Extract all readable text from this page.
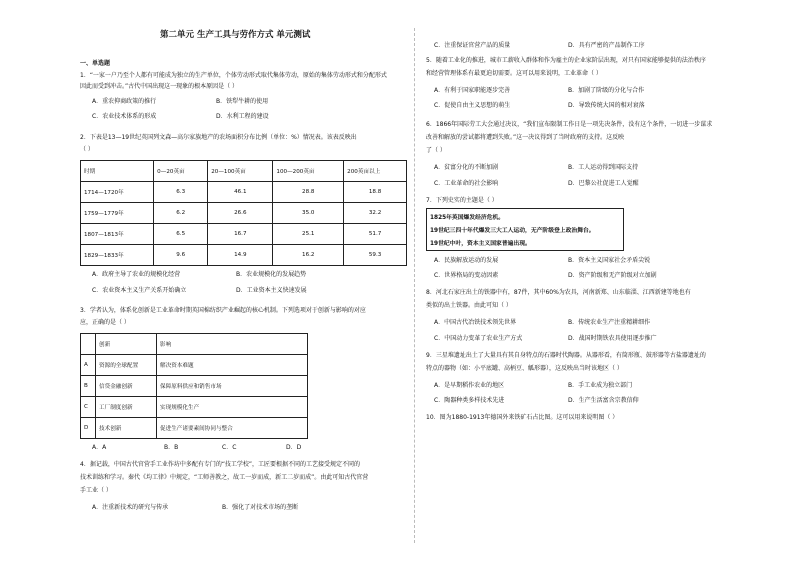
第二单元 生产工具与劳作方式 单元测试
一、单选题
1．“一家一户乃至个人都有可能成为独立的生产单位，个体劳动形式取代集体劳动，原始的集体劳动形式和分配形式
因此而受到冲击。”古代中国出现这一现象的根本原因是（ ）
A．重农抑商政策的推行	B．铁犁牛耕的使用
C．农业技术体系的形成	D．水利工程的建设
2．下表是13—19世纪英国列文森—高尔家族地产的农场面积分布比例（单位：%）情况表。该表反映出
（ ）
时期	0—20英亩	20—100英亩	100—200英亩	200英亩以上
1714—1720年	6.3	46.1	28.8	18.8
1759—1779年	6.2	26.6	35.0	32.2
1807—1813年	6.5	16.7	25.1	51.7
1829—1833年	9.6	14.9	16.2	59.3
A．政府主导了农业的规模化经营	B．农业规模化的发展趋势
C．农业资本主义生产关系开始确立	D．工业资本主义快速发展
3．学者认为，体系化创新是工业革命时期英国棉纺织产业崛起的核心机制。下列选项对于创新与影响的对应
应，正确的是（ ）
	创新	影响
A	资源的全球配置	解决资本难题
B	信贷金融创新	保障原料供应和销售市场
C	工厂制度创新	实现规模化生产
D	技术创新	促进生产诸要素间协同与整合
A．A	B．B	C．C	D．D
4．据记载，中国古代官营手工业作坊中多配有专门的“技工学校”，工匠要根据不同的工艺接受规定不同的
技术训练和学习。秦代《均工律》中规定，“工师善教之，故工一岁而成，新工二岁而成”。由此可知古代官营
手工业（ ）
A．注重新技术的研究与传承	B．强化了对技术市场的垄断
C．注重保证官营产品的质量	D．具有严密的产品制作工序
5．随着工业化的推进，城市工薪收入群体和作为雇主的企业家阶层出现，对只有国家能够提供的法治秩序
和经营管理体系有最更迫切需要。这可以用来说明，工业革命（ ）
A．有利于国家职能逐步完善	B．加剧了阶级的分化与合作
C．促使自由主义思想的萌生	D．导致传统大国的相对衰落
6．1866年国际劳工大会通过决议，“我们宣布限制工作日是一项先决条件，没有这个条件，一切进一步谋求
改善和解放的尝试都将遭到失败。”这一决议得到了当时政府的支持。这反映
了（ ）
A．贫富分化的不断加剧	B．工人运动得到国际支持
C．工业革命的社会影响	D．巴黎公社促进工人觉醒
7．下列史实的主题是（ ）
1825年英国爆发经济危机。
19世纪三四十年代爆发三大工人运动，无产阶级登上政治舞台。
19世纪中叶，资本主义国家普遍出现。
A．民族解放运动的发展	B．资本主义国家社会矛盾尖锐
C．世界格局的变动因素	D．资产阶级和无产阶级对立加剧
8．河北石家庄出土的铁器中有，87件，其中60%为农具，河南新郑、山东临淄、江西新建等地也有
类似的出土铁器。由此可知（ ）
A．中国古代冶铁技术领先世界	B．传统农业生产注重精耕细作
C．中国动力变革了农业生产方式	D．战国时期铁农具使用逐步推广
9．三星堆遗址出土了大量具有其自身特点的石器时代陶器。从器形看，有筒形瓶、鼓形器等古盐器遗址的
特点的器物（如：小平底罐、高柄豆、觚形器），这反映出当时该地区（ ）
A．是早期稻作农业的地区	B．手工业成为独立部门
C．陶器种类多样技术先进	D．生产生活富含宗教信仰
10．图为1880-1913年德国外来铁矿石占比图。这可以用来说明图（ ）
